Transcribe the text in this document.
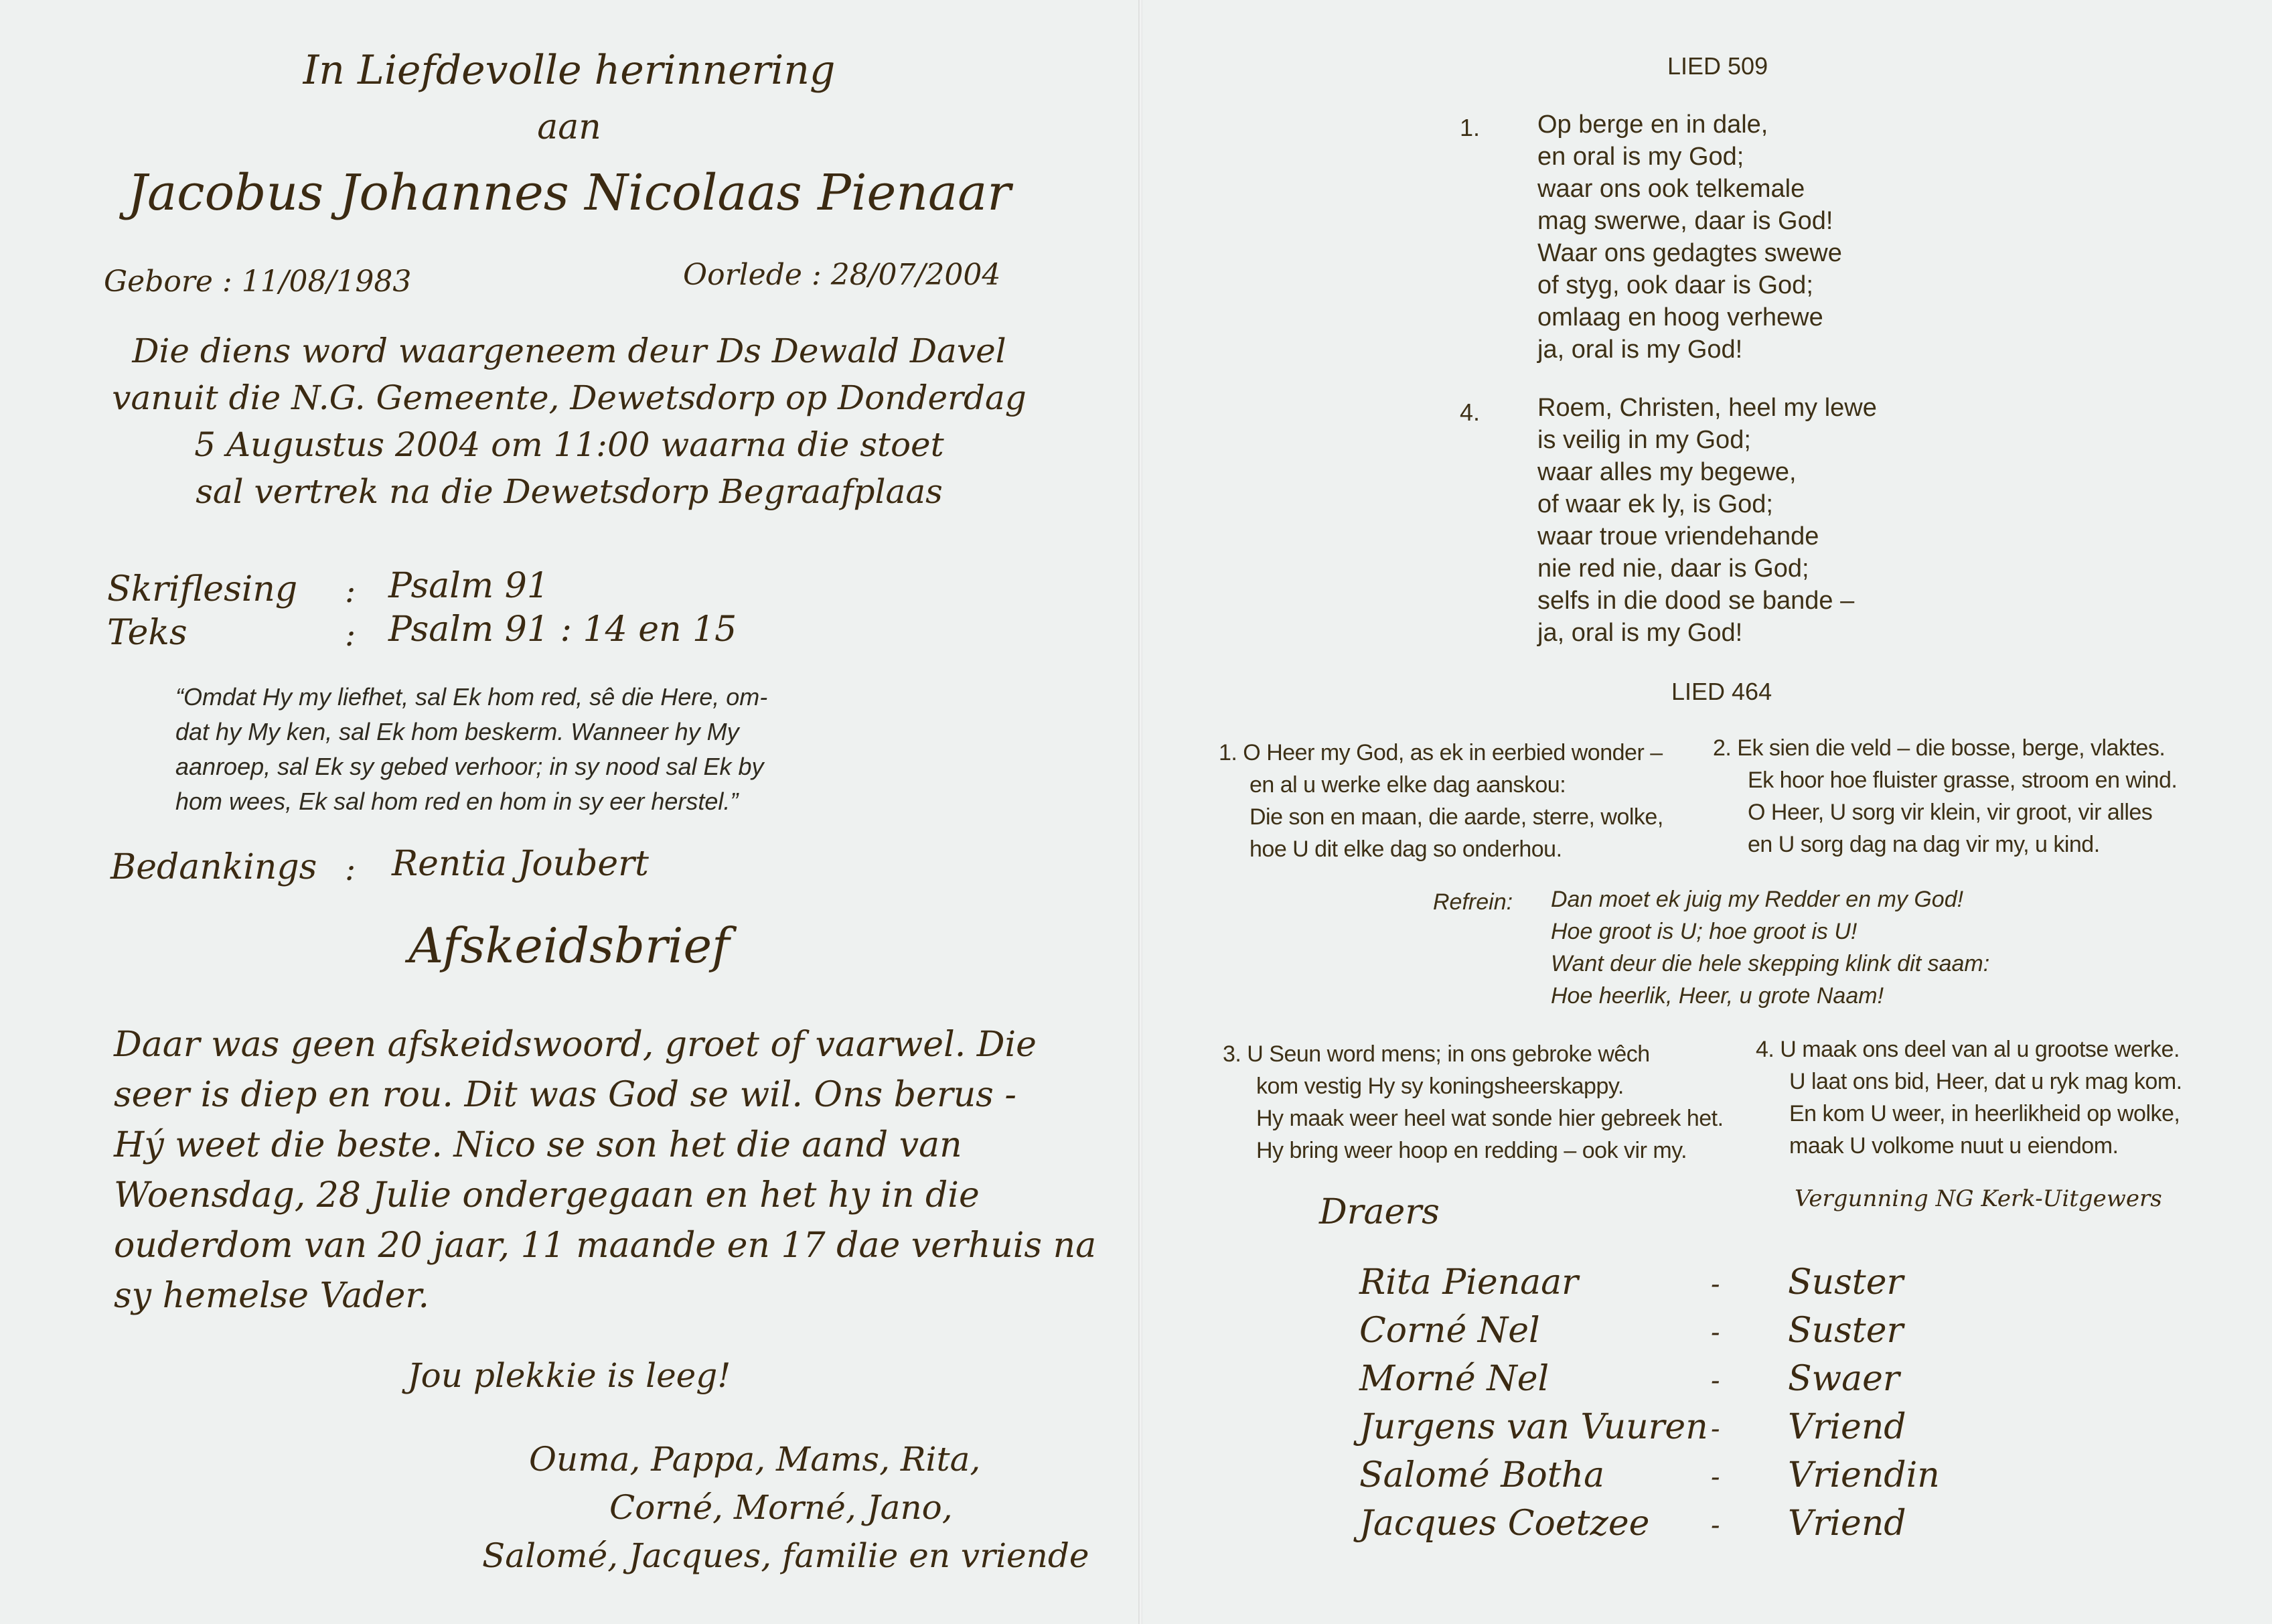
In Liefdevolle herinnering
aan
Jacobus Johannes Nicolaas Pienaar
Gebore : 11/08/1983	Oorlede : 28/07/2004
Die diens word waargeneem deur Ds Dewald Davel
vanuit die N.G. Gemeente, Dewetsdorp op Donderdag
5 Augustus 2004 om 11:00 waarna die stoet
sal vertrek na die Dewetsdorp Begraafplaas
Skriflesing : Psalm 91
Teks	: Psalm 91 : 14 en 15
“Omdat Hy my liefhet, sal Ek hom red, sê die Here, om-
dat hy My ken, sal Ek hom beskerm. Wanneer hy My
aanroep, sal Ek sy gebed verhoor; in sy nood sal Ek by
hom wees, Ek sal hom red en hom in sy eer herstel.”
Bedankings : Rentia Joubert
Afskeidsbrief
Daar was geen afskeidswoord, groet of vaarwel. Die
seer is diep en rou. Dit was God se wil. Ons berus -
Hý weet die beste. Nico se son het die aand van
Woensdag, 28 Julie ondergegaan en het hy in die
ouderdom van 20 jaar, 11 maande en 17 dae verhuis na
sy hemelse Vader.
Jou plekkie is leeg!
Ouma, Pappa, Mams, Rita,
Corné, Morné, Jano,
Salomé, Jacques, familie en vriende
LIED 509
1. Op berge en in dale,
en oral is my God;
waar ons ook telkemale
mag swerwe, daar is God!
Waar ons gedagtes swewe
of styg, ook daar is God;
omlaag en hoog verhewe
ja, oral is my God!
4. Roem, Christen, heel my lewe
is veilig in my God;
waar alles my begewe,
of waar ek ly, is God;
waar troue vriendehande
nie red nie, daar is God;
selfs in die dood se bande –
ja, oral is my God!
LIED 464
1. O Heer my God, as ek in eerbied wonder –
en al u werke elke dag aanskou:
Die son en maan, die aarde, sterre, wolke,
hoe U dit elke dag so onderhou.
2. Ek sien die veld – die bosse, berge, vlaktes.
Ek hoor hoe fluister grasse, stroom en wind.
O Heer, U sorg vir klein, vir groot, vir alles
en U sorg dag na dag vir my, u kind.
Refrein: Dan moet ek juig my Redder en my God!
Hoe groot is U; hoe groot is U!
Want deur die hele skepping klink dit saam:
Hoe heerlik, Heer, u grote Naam!
3. U Seun word mens; in ons gebroke wêch
kom vestig Hy sy koningsheerskappy.
Hy maak weer heel wat sonde hier gebreek het.
Hy bring weer hoop en redding – ook vir my.
4. U maak ons deel van al u grootse werke.
U laat ons bid, Heer, dat u ryk mag kom.
En kom U weer, in heerlikheid op wolke,
maak U volkome nuut u eiendom.
Draers	Vergunning NG Kerk-Uitgewers
Rita Pienaar	- Suster
Corné Nel	- Suster
Morné Nel	- Swaer
Jurgens van Vuuren - Vriend
Salomé Botha	- Vriendin
Jacques Coetzee - Vriend
